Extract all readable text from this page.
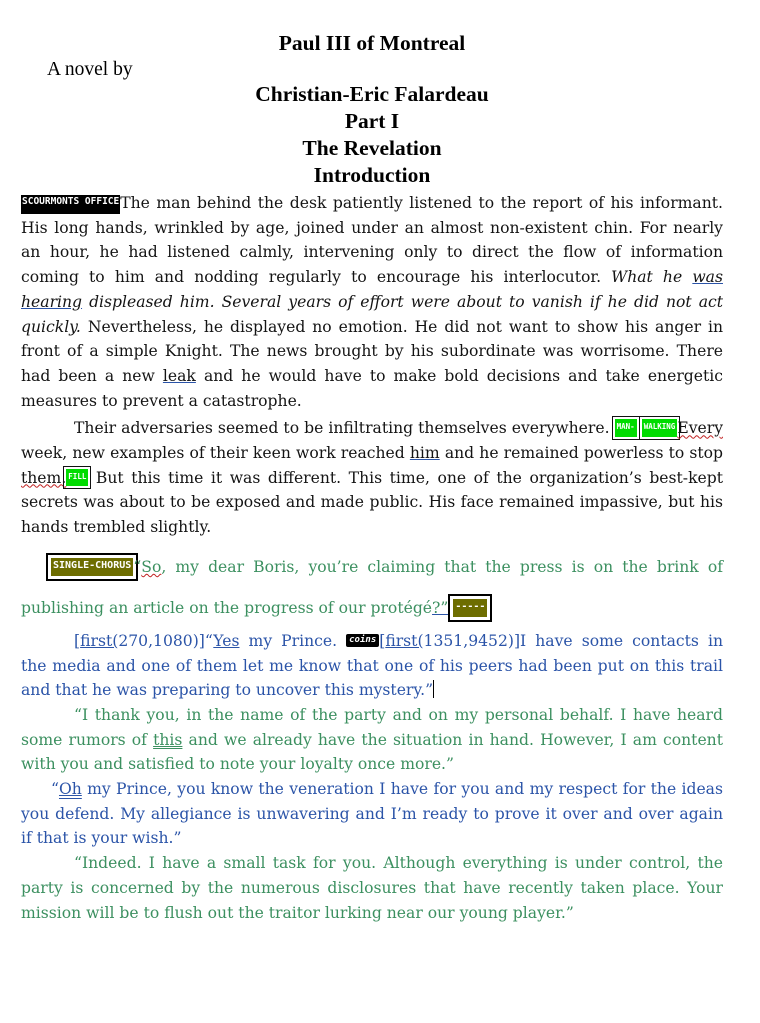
Paul III of Montreal

A novel by

Christian-Eric Falardeau

Part I

The Revelation

Introduction

SCOURMONTS OFFICEThe man behind the desk patiently listened to the report of his informant. His long hands, wrinkled by age, joined under an almost non-existent chin. For nearly an hour, he had listened calmly, intervening only to direct the flow of information coming to him and nodding regularly to encourage his interlocutor. What he was hearing displeased him. Several years of effort were about to vanish if he did not act quickly. Nevertheless, he displayed no emotion. He did not want to show his anger in front of a simple Knight. The news brought by his subordinate was worrisome. There had been a new leak and he would have to make bold decisions and take energetic measures to prevent a catastrophe.

Their adversaries seemed to be infiltrating themselves everywhere. MAN- WALKING Every week, new examples of their keen work reached him and he remained powerless to stop them. FILL But this time it was different. This time, one of the organization’s best-kept secrets was about to be exposed and made public. His face remained impassive, but his hands trembled slightly.

SINGLE-CHORUS “So, my dear Boris, you’re claiming that the press is on the brink of publishing an article on the progress of our protégé?” -----

[first(270,1080)]“Yes my Prince. coins [first(1351,9452)]I have some contacts in the media and one of them let me know that one of his peers had been put on this trail and that he was preparing to uncover this mystery.”

“I thank you, in the name of the party and on my personal behalf. I have heard some rumors of this and we already have the situation in hand. However, I am content with you and satisfied to note your loyalty once more.”

“Oh my Prince, you know the veneration I have for you and my respect for the ideas you defend. My allegiance is unwavering and I’m ready to prove it over and over again if that is your wish.”

“Indeed. I have a small task for you. Although everything is under control, the party is concerned by the numerous disclosures that have recently taken place. Your mission will be to flush out the traitor lurking near our young player.”
